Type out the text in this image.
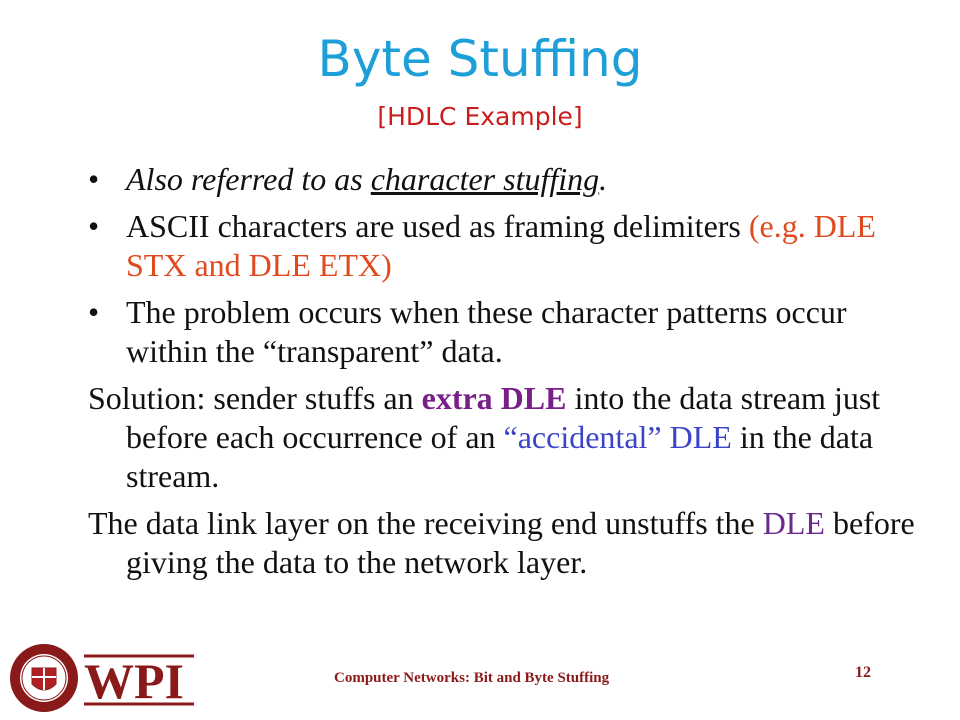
Byte Stuffing
[HDLC Example]
• Also referred to as character stuffing.
• ASCII characters are used as framing delimiters (e.g. DLE STX and DLE ETX)
• The problem occurs when these character patterns occur within the “transparent” data.
Solution: sender stuffs an extra DLE into the data stream just before each occurrence of an “accidental” DLE in the data stream.
The data link layer on the receiving end unstuffs the DLE before giving the data to the network layer.
WPI	Computer Networks: Bit and Byte Stuffing	12
